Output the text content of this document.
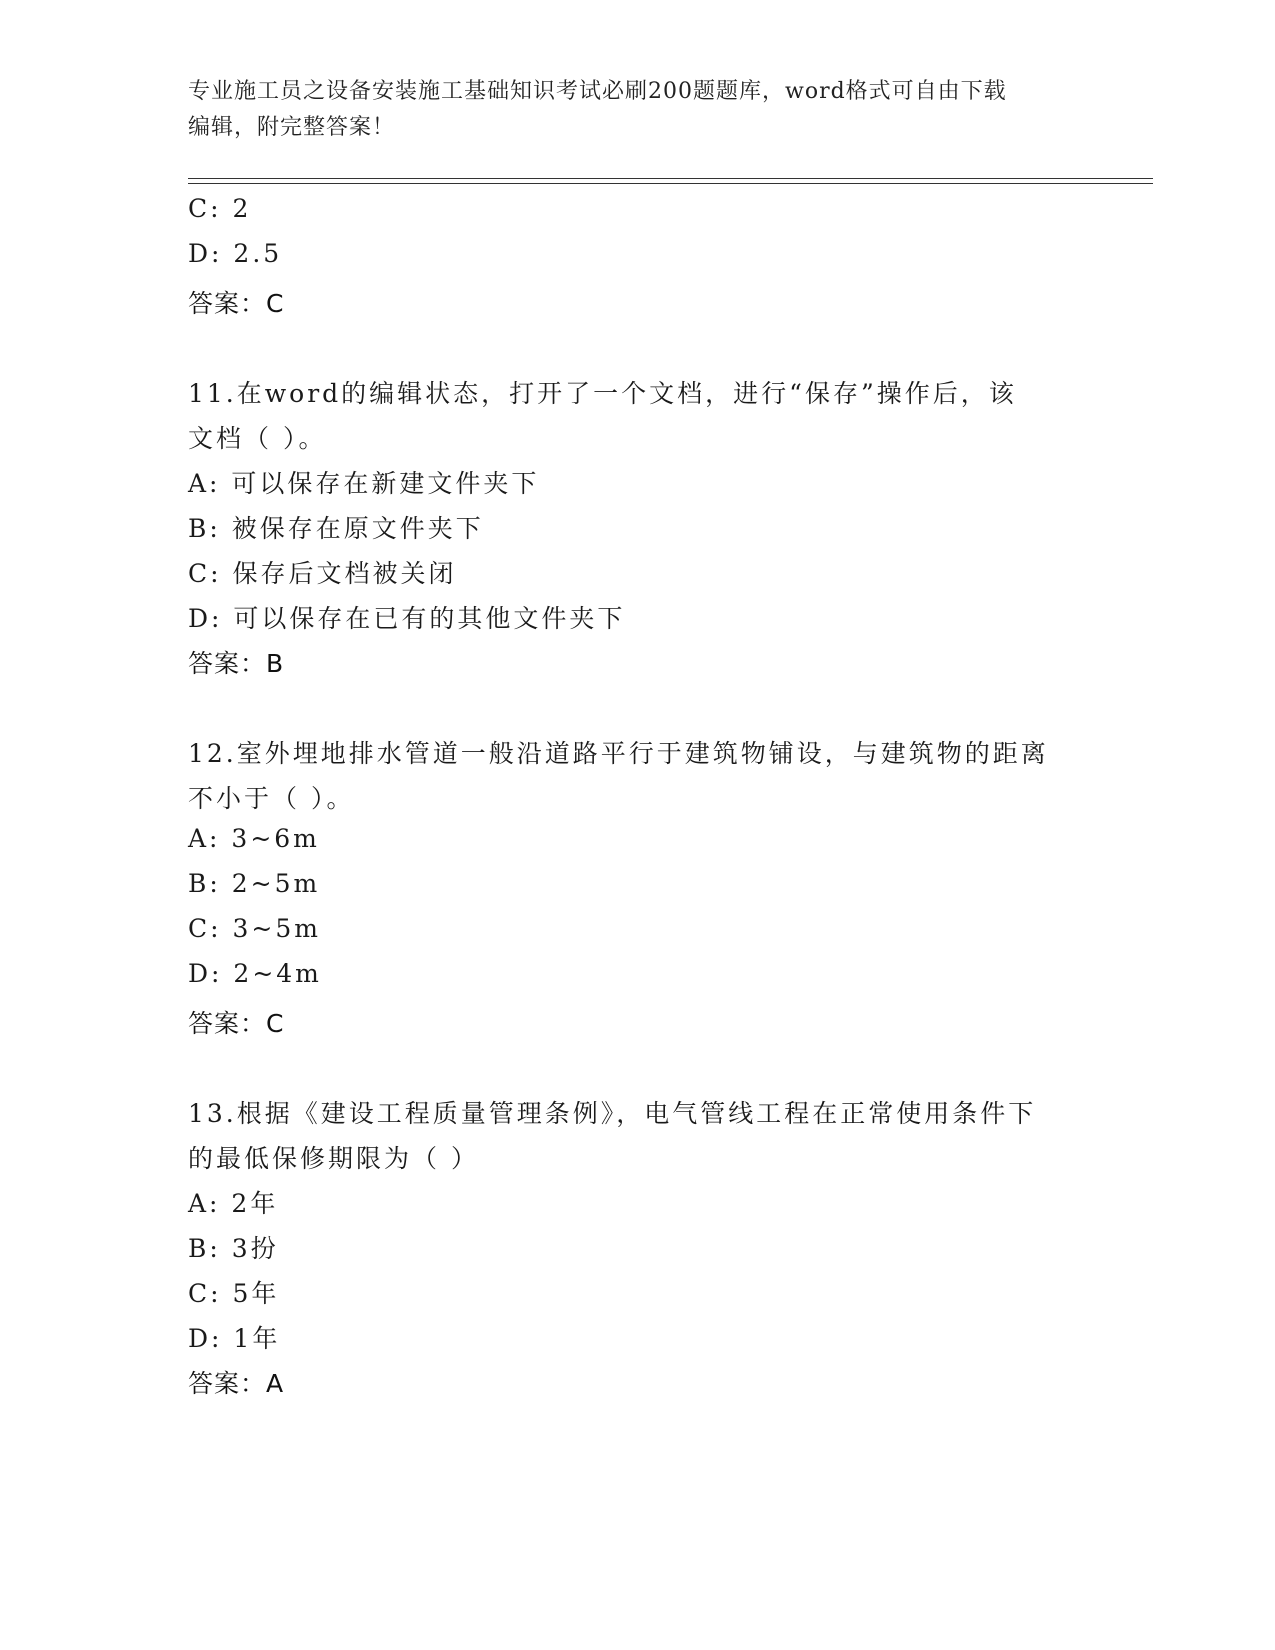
专业施工员之设备安装施工基础知识考试必刷200题题库，word格式可自由下载
编辑，附完整答案！
C: 2
D: 2.5
答案：C
11.在word的编辑状态，打开了一个文档，进行“保存”操作后，该
文档（ ）。
A: 可以保存在新建文件夹下
B: 被保存在原文件夹下
C: 保存后文档被关闭
D: 可以保存在已有的其他文件夹下
答案：B
12.室外埋地排水管道一般沿道路平行于建筑物铺设，与建筑物的距离
不小于（ ）。
A: 3~6m
B: 2~5m
C: 3~5m
D: 2~4m
答案：C
13.根据《建设工程质量管理条例》，电气管线工程在正常使用条件下
的最低保修期限为（ ）
A: 2年
B: 3扮
C: 5年
D: 1年
答案：A
